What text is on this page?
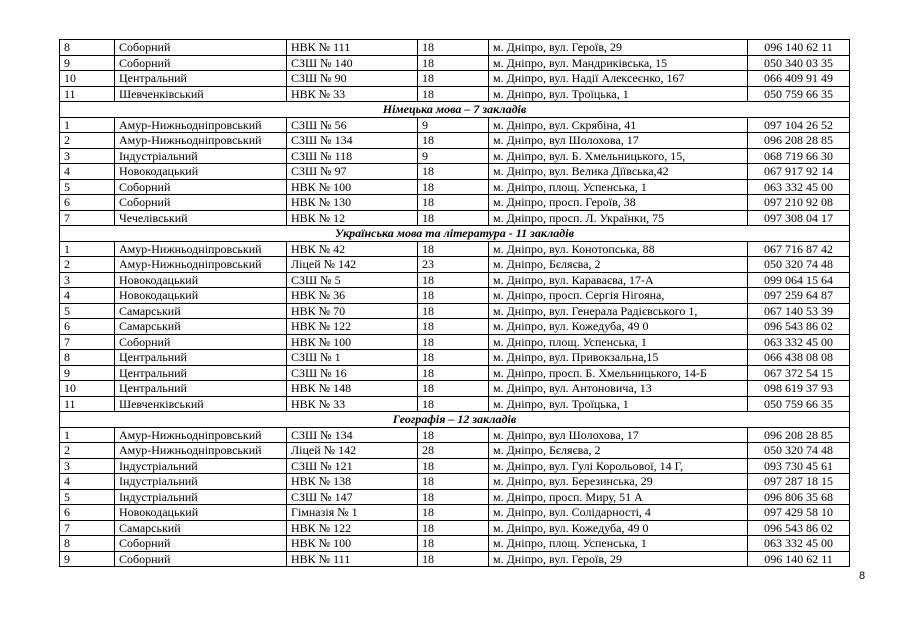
8	Соборний	НВК № 111	18	м. Дніпро, вул. Героїв, 29	096 140 62 11
9	Соборний	СЗШ № 140	18	м. Дніпро, вул. Мандриківська, 15	050 340 03 35
10	Центральний	СЗШ № 90	18	м. Дніпро, вул. Надії Алексеєнко, 167	066 409 91 49
11	Шевченківський	НВК № 33	18	м. Дніпро, вул. Троїцька, 1	050 759 66 35
Німецька мова – 7 закладів					
1	Амур-Нижньодніпровський	СЗШ № 56	9	м. Дніпро, вул. Скрябіна, 41	097 104 26 52
2	Амур-Нижньодніпровський	СЗШ № 134	18	м. Дніпро, вул Шолохова, 17	096 208 28 85
3	Індустріальний	СЗШ № 118	9	м. Дніпро, вул. Б. Хмельницького, 15,	068 719 66 30
4	Новокодацький	СЗШ № 97	18	м. Дніпро, вул. Велика Діївська,42	067 917 92 14
5	Соборний	НВК № 100	18	м. Дніпро, площ. Успенська, 1	063 332 45 00
6	Соборний	НВК № 130	18	м. Дніпро, просп. Героїв, 38	097 210 92 08
7	Чечелівський	НВК № 12	18	м. Дніпро, просп. Л. Українки, 75	097 308 04 17
Українська мова та література - 11 закладів					
1	Амур-Нижньодніпровський	НВК № 42	18	м. Дніпро, вул. Конотопська, 88	067 716 87 42
2	Амур-Нижньодніпровський	Ліцей № 142	23	м. Дніпро, Бєляєва, 2	050 320 74 48
3	Новокодацький	СЗШ № 5	18	м. Дніпро, вул. Караваєва, 17-А	099 064 15 64
4	Новокодацький	НВК № 36	18	м. Дніпро, просп. Сергія Нігояна,	097 259 64 87
5	Самарський	НВК № 70	18	м. Дніпро, вул. Генерала Радієвського 1,	067 140 53 39
6	Самарський	НВК № 122	18	м. Дніпро, вул. Кожедуба, 49 0	096 543 86 02
7	Соборний	НВК № 100	18	м. Дніпро, площ. Успенська, 1	063 332 45 00
8	Центральний	СЗШ № 1	18	м. Дніпро, вул. Привокзальна,15	066 438 08 08
9	Центральний	СЗШ № 16	18	м. Дніпро, просп. Б. Хмельницького, 14-Б	067 372 54 15
10	Центральний	НВК № 148	18	м. Дніпро, вул. Антоновича, 13	098 619 37 93
11	Шевченківський	НВК № 33	18	м. Дніпро, вул. Троїцька, 1	050 759 66 35
Географія – 12 закладів					
1	Амур-Нижньодніпровський	СЗШ № 134	18	м. Дніпро, вул Шолохова, 17	096 208 28 85
2	Амур-Нижньодніпровський	Ліцей № 142	28	м. Дніпро, Бєляєва, 2	050 320 74 48
3	Індустріальний	СЗШ № 121	18	м. Дніпро, вул. Гулі Корольової, 14 Г,	093 730 45 61
4	Індустріальний	НВК № 138	18	м. Дніпро, вул. Березинська, 29	097 287 18 15
5	Індустріальний	СЗШ № 147	18	м. Дніпро, просп. Миру, 51 А	096 806 35 68
6	Новокодацький	Гімназія № 1	18	м. Дніпро, вул. Солідарності, 4	097 429 58 10
7	Самарський	НВК № 122	18	м. Дніпро, вул. Кожедуба, 49 0	096 543 86 02
8	Соборний	НВК № 100	18	м. Дніпро, площ. Успенська, 1	063 332 45 00
9	Соборний	НВК № 111	18	м. Дніпро, вул. Героїв, 29	096 140 62 11
8
